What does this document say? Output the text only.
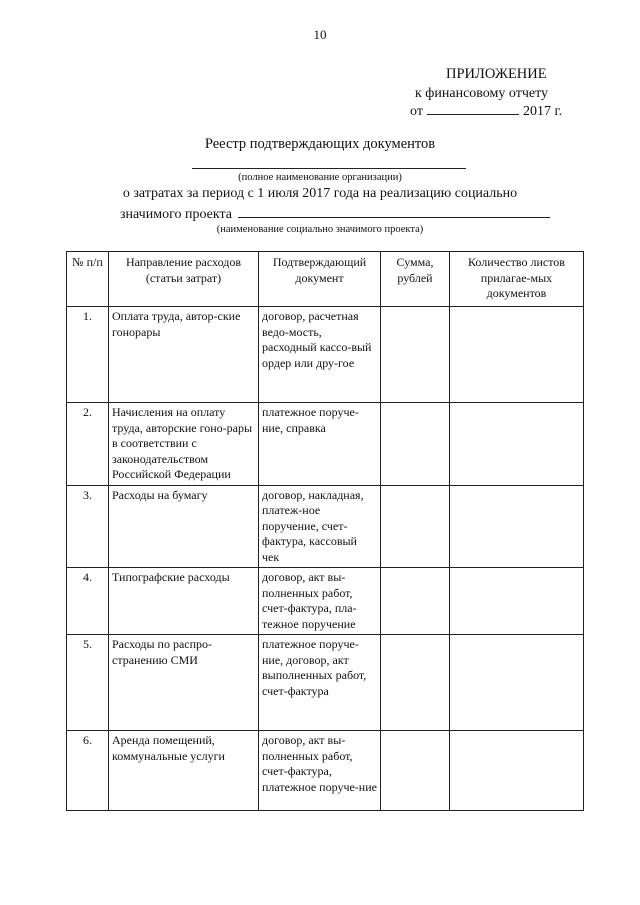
10
ПРИЛОЖЕНИЕ
к финансовому отчету
от	2017 г.
Реестр подтверждающих документов
(полное наименование организации)
о затратах за период с 1 июля 2017 года на реализацию социально
значимого проекта
(наименование социально значимого проекта)
№ п/п	Направление расходов (статьи затрат)	Подтверждающий документ	Сумма, рублей	Количество листов прилагае-мых документов
1.	Оплата труда, автор-ские гонорары	договор, расчетная ведо-мость, расходный кассо-вый ордер или дру-гое		
2.	Начисления на оплату труда, авторские гоно-рары в соответствии с законодательством Российской Федерации	платежное поруче-ние, справка		
3.	Расходы на бумагу	договор, накладная, платеж-ное поручение, счет-фактура, кассовый чек		
4.	Типографские расходы	договор, акт вы-полненных работ, счет-фактура, пла-тежное поручение		
5.	Расходы по распро-странению СМИ	платежное поруче-ние, договор, акт выполненных работ, счет-фактура		
6.	Аренда помещений, коммунальные услуги	договор, акт вы-полненных работ, счет-фактура, платежное поруче-ние		
